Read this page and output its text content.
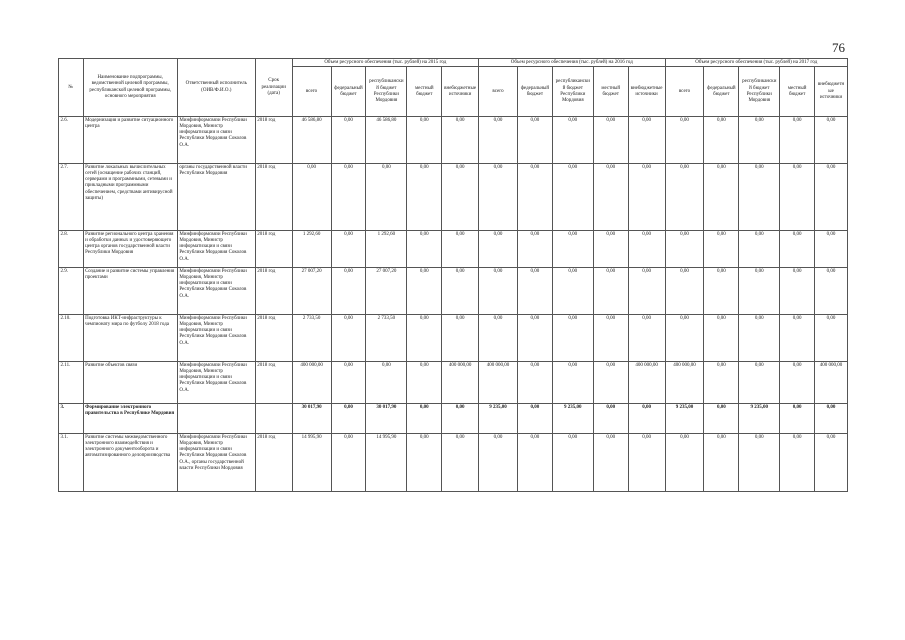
76
№	Наименование подпрограммы, ведомственной целевой программы, республиканской целевой программы, основного мероприятия	Ответственный исполнитель (ОИВ/Ф.И.О.)	Срок реализации (дата)	Объем ресурсного обеспечения (тыс. рублей) на 2015 год					Объем ресурсного обеспечения (тыс. рублей) на 2016 год					Объем ресурсного обеспечения (тыс. рублей) на 2017 год				
				всего	федеральный бюджет	республиканский бюджет Республики Мордовия	местный бюджет	внебюджетные источники	всего	федеральный бюджет	республиканский бюджет Республики Мордовия	местный бюджет	внебюджетные источники	всего	федеральный бюджет	республиканский бюджет Республики Мордовия	местный бюджет	внебюджетные источники
2.6.	Модернизация и развитие ситуационного центра	Минфинформсвязи Республики Мордовия, Министр информатизации и связи Республики Мордовия Соколов О.А.	2018 год	46 586,80	0,00	46 586,80	0,00	0,00	0,00	0,00	0,00	0,00	0,00	0,00	0,00	0,00	0,00	0,00
2.7.	Развитие локальных вычислительных сетей (оснащение рабочих станций, серверами и программными, сетевыми и прикладными программными обеспечением, средствами антивирусной защиты)	органы государственной власти Республики Мордовия	2018 год	0,00	0,00	0,00	0,00	0,00	0,00	0,00	0,00	0,00	0,00	0,00	0,00	0,00	0,00	0,00
2.8.	Развитие регионального центра хранения и обработки данных и удостоверяющего центра органов государственной власти Республики Мордовия	Минфинформсвязи Республики Мордовия, Министр информатизации и связи Республики Мордовия Соколов О.А.	2018 год	1 292,60	0,00	1 292,60	0,00	0,00	0,00	0,00	0,00	0,00	0,00	0,00	0,00	0,00	0,00	0,00
2.9.	Создание и развитие системы управления проектами	Минфинформсвязи Республики Мордовия, Министр информатизации и связи Республики Мордовия Соколов О.А.	2018 год	27 007,20	0,00	27 007,20	0,00	0,00	0,00	0,00	0,00	0,00	0,00	0,00	0,00	0,00	0,00	0,00
2.10.	Подготовка ИКТ-инфраструктуры к чемпионату мира по футболу 2018 года	Минфинформсвязи Республики Мордовия, Министр информатизации и связи Республики Мордовия Соколов О.А.	2018 год	2 733,50	0,00	2 733,50	0,00	0,00	0,00	0,00	0,00	0,00	0,00	0,00	0,00	0,00	0,00	0,00
2.11.	Развитие объектов связи	Минфинформсвязи Республики Мордовия, Министр информатизации и связи Республики Мордовия Соколов О.А.	2018 год	400 000,00	0,00	0,00	0,00	400 000,00	400 000,00	0,00	0,00	0,00	400 000,00	400 000,00	0,00	0,00	0,00	400 000,00
3.	Формирование электронного правительства в Республике Мордовия			30 017,90	0,00	30 017,90	0,00	0,00	9 235,00	0,00	9 235,00	0,00	0,00	9 235,00	0,00	9 235,00	0,00	0,00
3.1.	Развитие системы межведомственного электронного взаимодействия и электронного документооборота и автоматизированного делопроизводства	Минфинформсвязи Республики Мордовия, Министр информатизации и связи Республики Мордовия Соколов О.А., органы государственной власти Республики Мордовия	2018 год	14 995,90	0,00	14 995,90	0,00	0,00	0,00	0,00	0,00	0,00	0,00	0,00	0,00	0,00	0,00	0,00
